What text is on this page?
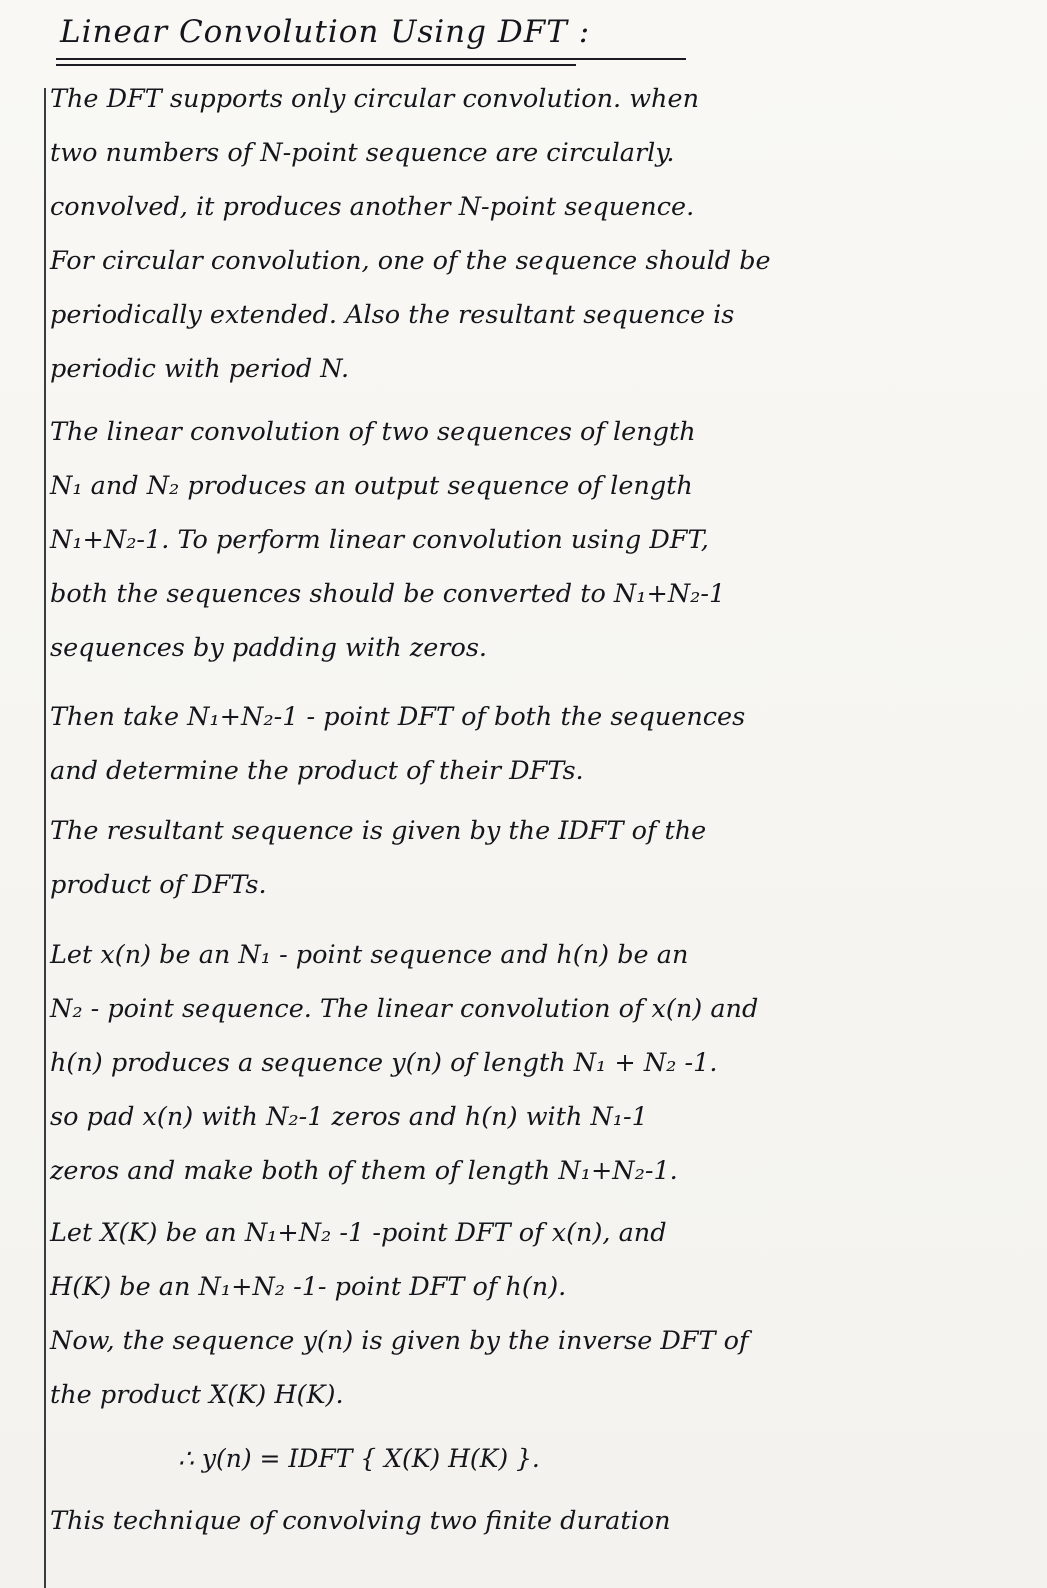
Linear Convolution Using DFT :

The DFT supports only circular convolution. when
two numbers of N-point sequence are circularly.
convolved, it produces another N-point sequence.
For circular convolution, one of the sequence should be
periodically extended. Also the resultant sequence is
periodic with period N.

The linear convolution of two sequences of length
N₁ and N₂ produces an output sequence of length
N₁+N₂-1. To perform linear convolution using DFT,
both the sequences should be converted to N₁+N₂-1
sequences by padding with zeros.

Then take N₁+N₂-1 - point DFT of both the sequences
and determine the product of their DFTs.

The resultant sequence is given by the IDFT of the
product of DFTs.

Let x(n) be an N₁ - point sequence and h(n) be an
N₂ - point sequence. The linear convolution of x(n) and
h(n) produces a sequence y(n) of length N₁ + N₂ -1.
so pad x(n) with N₂-1 zeros and h(n) with N₁-1
zeros and make both of them of length N₁+N₂-1.

Let X(K) be an N₁+N₂ -1 -point DFT of x(n), and
H(K) be an N₁+N₂ -1- point DFT of h(n).
Now, the sequence y(n) is given by the inverse DFT of
the product X(K) H(K).

∴ y(n) = IDFT { X(K) H(K) }.

This technique of convolving two finite duration
